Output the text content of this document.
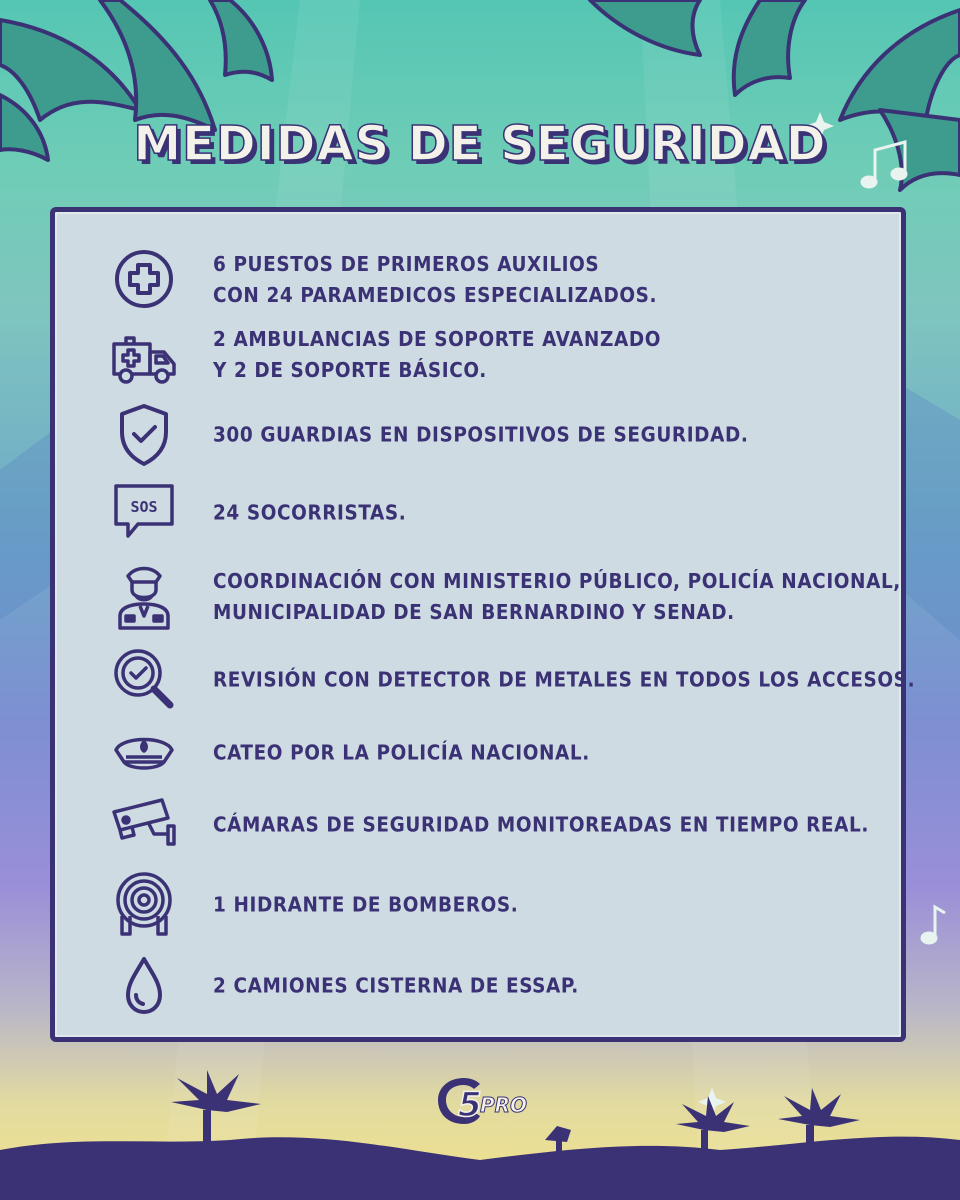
MEDIDAS DE SEGURIDAD
6 PUESTOS DE PRIMEROS AUXILIOS
CON 24 PARAMEDICOS ESPECIALIZADOS.
2 AMBULANCIAS DE SOPORTE AVANZADO
Y 2 DE SOPORTE BÁSICO.
300 GUARDIAS EN DISPOSITIVOS DE SEGURIDAD.
SOS	24 SOCORRISTAS.
COORDINACIÓN CON MINISTERIO PÚBLICO, POLICÍA NACIONAL,
MUNICIPALIDAD DE SAN BERNARDINO Y SENAD.
REVISIÓN CON DETECTOR DE METALES EN TODOS LOS ACCESOS.
CATEO POR LA POLICÍA NACIONAL.
CÁMARAS DE SEGURIDAD MONITOREADAS EN TIEMPO REAL.
1 HIDRANTE DE BOMBEROS.
2 CAMIONES CISTERNA DE ESSAP.
5
PRO
